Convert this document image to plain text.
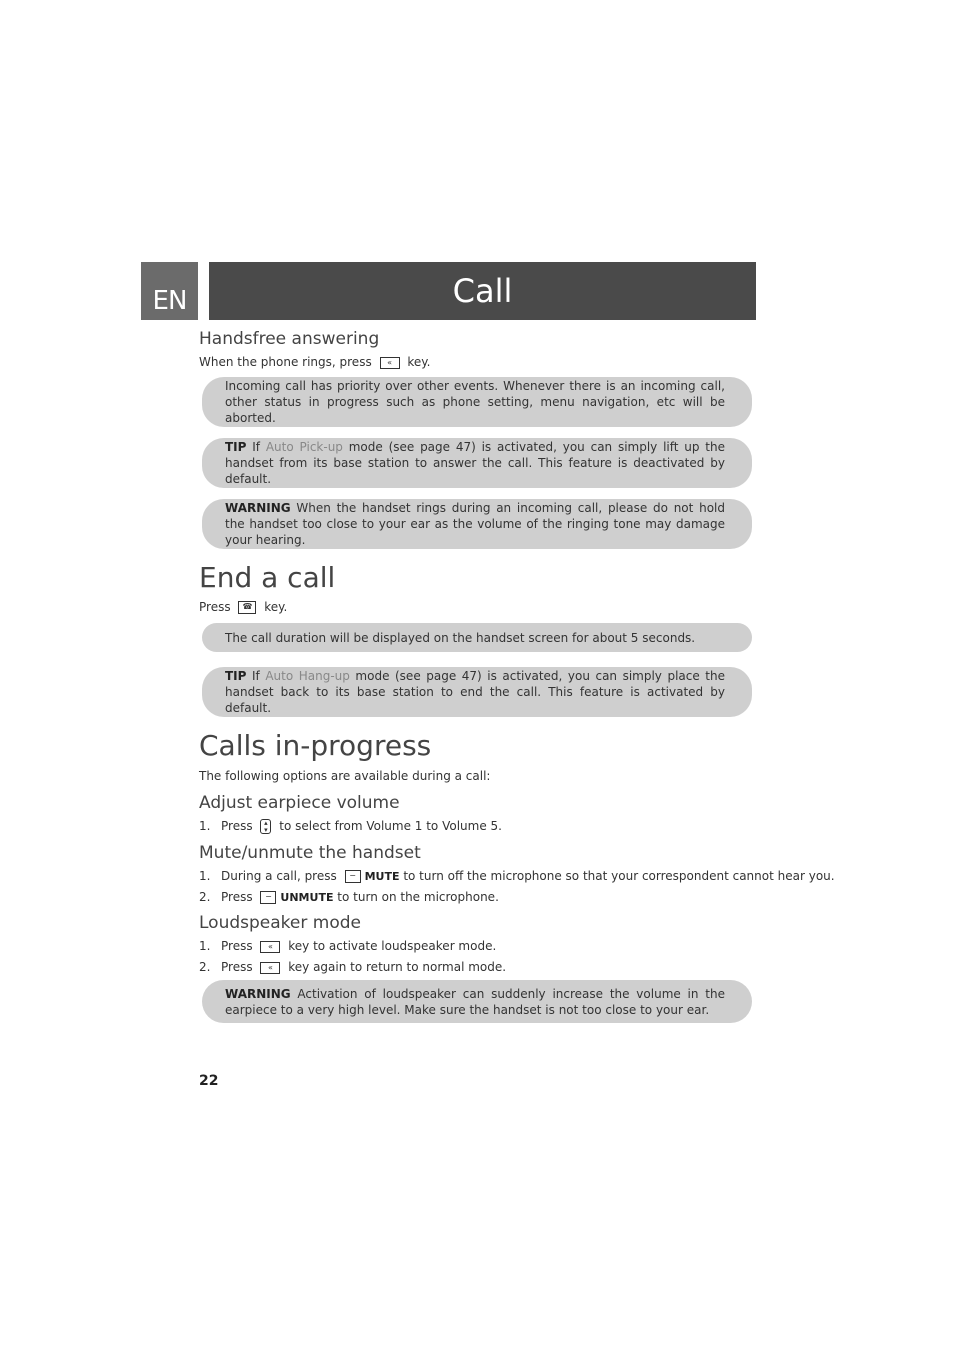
EN	Call
Handsfree answering
When the phone rings, press « key.
Incoming call has priority over other events. Whenever there is an incoming call, other status in progress such as phone setting, menu navigation, etc will be aborted.
TIP If Auto Pick-up mode (see page 47) is activated, you can simply lift up the handset from its base station to answer the call. This feature is deactivated by default.
WARNING When the handset rings during an incoming call, please do not hold the handset too close to your ear as the volume of the ringing tone may damage your hearing.
End a call
Press ☎ key.
The call duration will be displayed on the handset screen for about 5 seconds.
TIP If Auto Hang-up mode (see page 47) is activated, you can simply place the handset back to its base station to end the call. This feature is activated by default.
Calls in-progress
The following options are available during a call:
Adjust earpiece volume
1. Press ▴
▾ to select from Volume 1 to Volume 5.
Mute/unmute the handset
1. During a call, press − MUTE to turn off the microphone so that your correspondent cannot hear you.
2. Press − UNMUTE to turn on the microphone.
Loudspeaker mode
1. Press « key to activate loudspeaker mode.
2. Press « key again to return to normal mode.
WARNING Activation of loudspeaker can suddenly increase the volume in the earpiece to a very high level. Make sure the handset is not too close to your ear.
22
